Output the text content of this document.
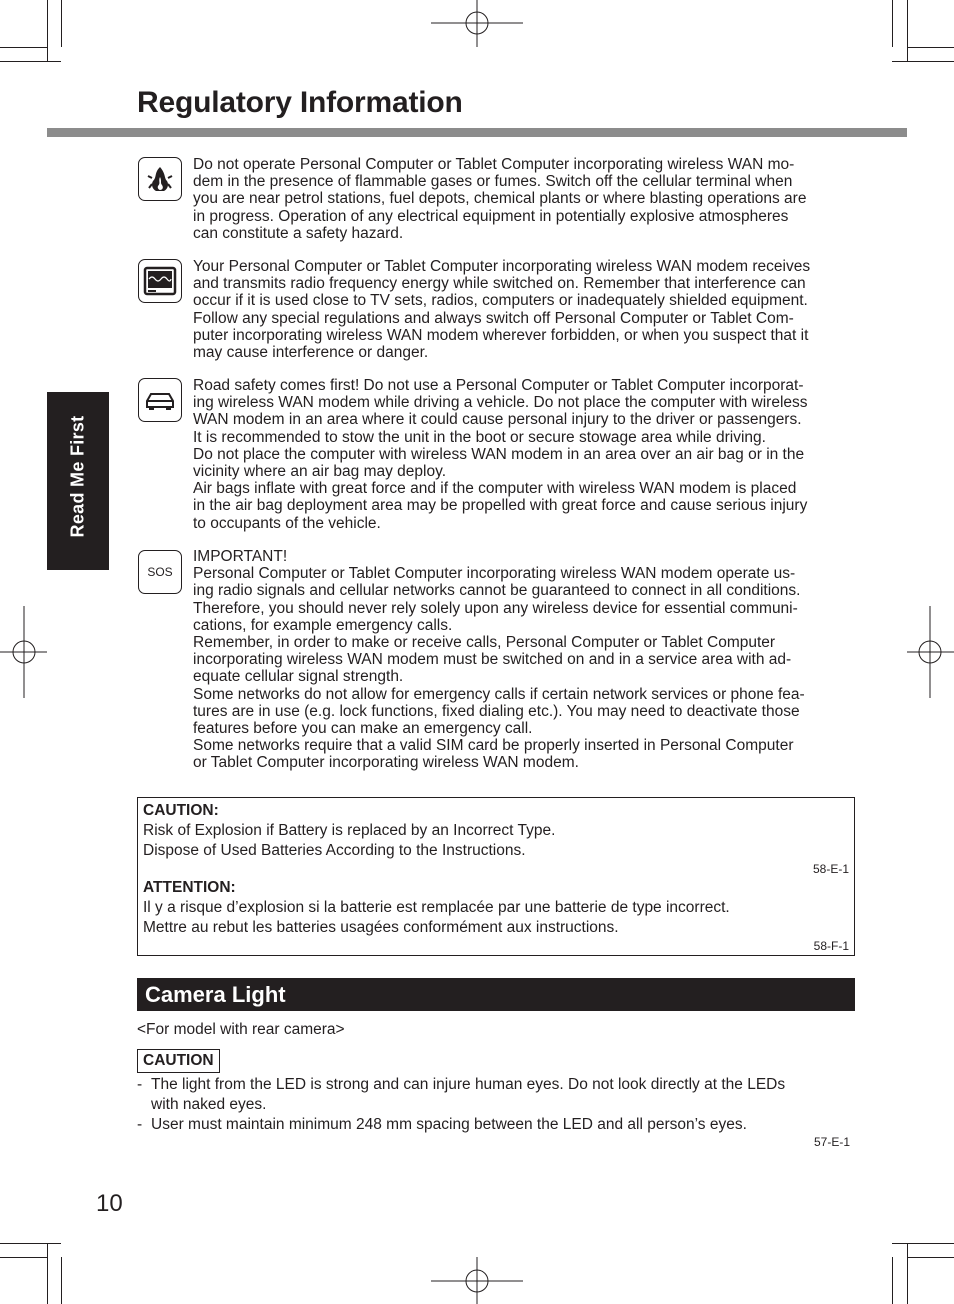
Regulatory Information
Read Me First
Do not operate Personal Computer or Tablet Computer incorporating wireless WAN mo-
dem in the presence of flammable gases or fumes. Switch off the cellular terminal when
you are near petrol stations, fuel depots, chemical plants or where blasting operations are
in progress. Operation of any electrical equipment in potentially explosive atmospheres
can constitute a safety hazard.
Your Personal Computer or Tablet Computer incorporating wireless WAN modem receives
and transmits radio frequency energy while switched on. Remember that interference can
occur if it is used close to TV sets, radios, computers or inadequately shielded equipment.
Follow any special regulations and always switch off Personal Computer or Tablet Com-
puter incorporating wireless WAN modem wherever forbidden, or when you suspect that it
may cause interference or danger.
Road safety comes first! Do not use a Personal Computer or Tablet Computer incorporat-
ing wireless WAN modem while driving a vehicle. Do not place the computer with wireless
WAN modem in an area where it could cause personal injury to the driver or passengers.
It is recommended to stow the unit in the boot or secure stowage area while driving.
Do not place the computer with wireless WAN modem in an area over an air bag or in the
vicinity where an air bag may deploy.
Air bags inflate with great force and if the computer with wireless WAN modem is placed
in the air bag deployment area may be propelled with great force and cause serious injury
to occupants of the vehicle.
SOS
IMPORTANT!
Personal Computer or Tablet Computer incorporating wireless WAN modem operate us-
ing radio signals and cellular networks cannot be guaranteed to connect in all conditions.
Therefore, you should never rely solely upon any wireless device for essential communi-
cations, for example emergency calls.
Remember, in order to make or receive calls, Personal Computer or Tablet Computer
incorporating wireless WAN modem must be switched on and in a service area with ad-
equate cellular signal strength.
Some networks do not allow for emergency calls if certain network services or phone fea-
tures are in use (e.g. lock functions, fixed dialing etc.). You may need to deactivate those
features before you can make an emergency call.
Some networks require that a valid SIM card be properly inserted in Personal Computer
or Tablet Computer incorporating wireless WAN modem.
CAUTION:
Risk of Explosion if Battery is replaced by an Incorrect Type.
Dispose of Used Batteries According to the Instructions.
58-E-1
ATTENTION:
Il y a risque d’explosion si la batterie est remplacée par une batterie de type incorrect.
Mettre au rebut les batteries usagées conformément aux instructions.
58-F-1
Camera Light
<For model with rear camera>
CAUTION
- The light from the LED is strong and can injure human eyes. Do not look directly at the LEDs
with naked eyes.
- User must maintain minimum 248 mm spacing between the LED and all person’s eyes.
57-E-1
10
